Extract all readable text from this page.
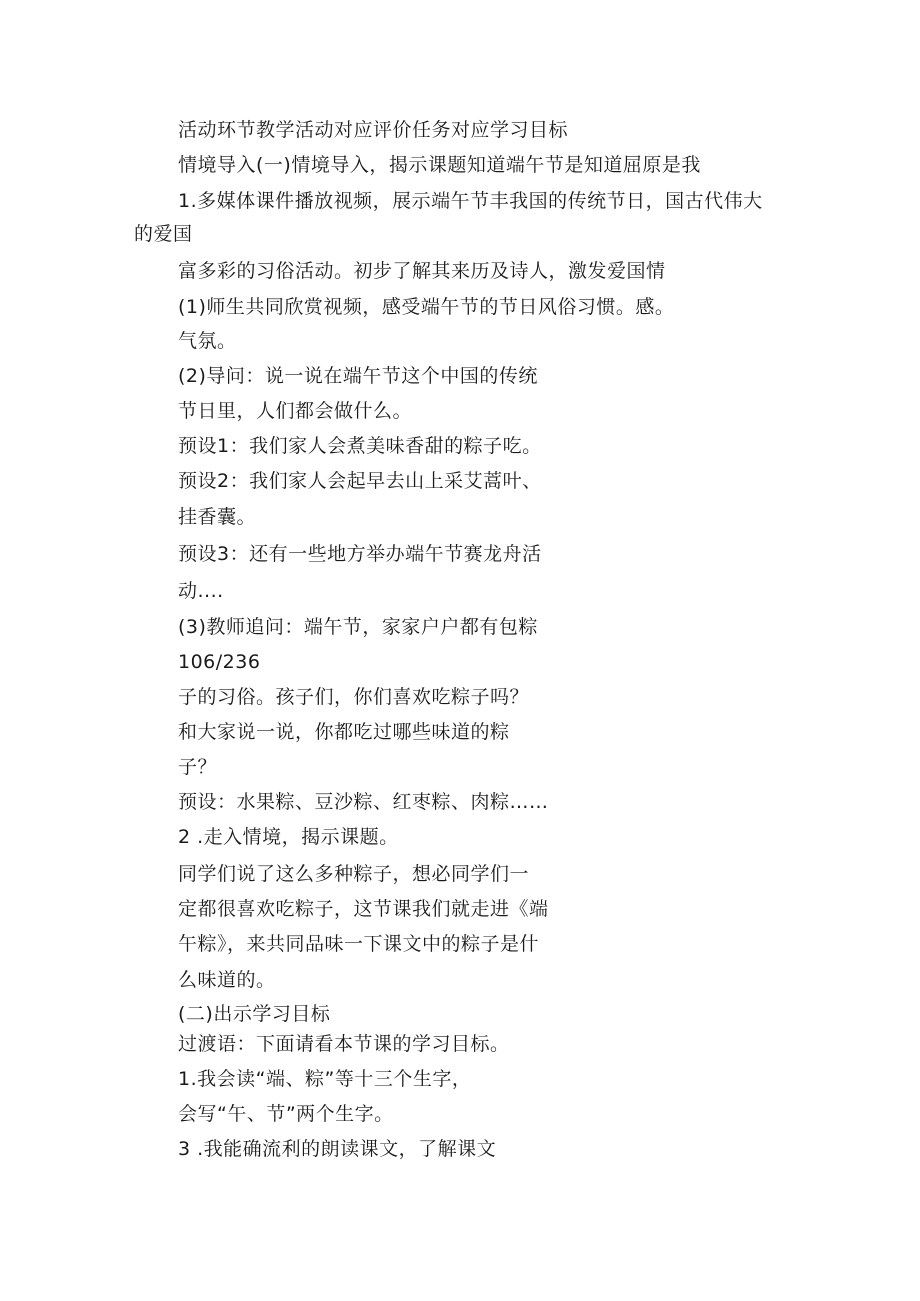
活动环节教学活动对应评价任务对应学习目标

情境导入(一)情境导入，揭示课题知道端午节是知道屈原是我

1.多媒体课件播放视频，展示端午节丰我国的传统节日，国古代伟大

的爱国

富多彩的习俗活动。初步了解其来历及诗人，激发爱国情

(1)师生共同欣赏视频，感受端午节的节日风俗习惯。感。

气氛。

(2)导问：说一说在端午节这个中国的传统

节日里，人们都会做什么。

预设1：我们家人会煮美味香甜的粽子吃。

预设2：我们家人会起早去山上采艾蒿叶、

挂香囊。

预设3：还有一些地方举办端午节赛龙舟活

动....

(3)教师追问：端午节，家家户户都有包粽

106/236

子的习俗。孩子们，你们喜欢吃粽子吗？

和大家说一说，你都吃过哪些味道的粽

子？

预设：水果粽、豆沙粽、红枣粽、肉粽……

2 .走入情境，揭示课题。

同学们说了这么多种粽子，想必同学们一

定都很喜欢吃粽子，这节课我们就走进《端

午粽》，来共同品味一下课文中的粽子是什

么味道的。

(二)出示学习目标

过渡语：下面请看本节课的学习目标。

1.我会读“端、粽”等十三个生字，

会写“午、节”两个生字。

3 .我能确流利的朗读课文，了解课文
